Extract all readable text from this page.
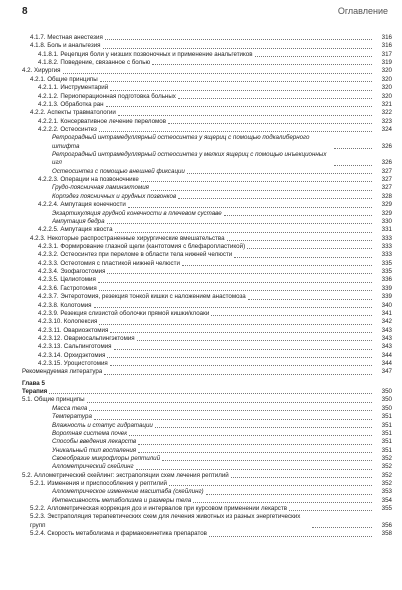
8	Оглавление
4.1.7. Местная анестезия	316
4.1.8. Боль и анальгезия	316
4.1.8.1. Рецепция боли у низших позвоночных и применение анальгетиков	317
4.1.8.2. Поведение, связанное с болью	319
4.2. Хирургия	320
4.2.1. Общие принципы	320
4.2.1.1. Инструментарий	320
4.2.1.2. Периоперационная подготовка больных	320
4.2.1.3. Обработка ран	321
4.2.2. Аспекты травматологии	322
4.2.2.1. Консервативное лечение переломов	323
4.2.2.2. Остеосинтез	324
Ретроградный интрамедуллярный остеосинтез у ящериц с помощью подкалиберного штифта	326
Ретроградный интрамедуллярный остеосинтез у мелких ящериц с помощью инъекционных игл	326
Остеосинтез с помощью внешней фиксации	327
4.2.2.3. Операции на позвоночнике	327
Грудо-поясничная ламинэктомия	327
Корпэдез поясничных и грудных позвонков	328
4.2.2.4. Ампутация конечности	329
Экзартикуляция грудной конечности в плечевом суставе	329
Ампутация бедра	330
4.2.2.5. Ампутация хвоста	331
4.2.3. Некоторые распространенные хирургические вмешательства	333
4.2.3.1. Формирование глазной щели (кантотомия с блефаропластикой)	333
4.2.3.2. Остеосинтез при переломе в области тела нижней челюсти	333
4.2.3.3. Остеотомия с пластикой нижней челюсти	335
4.2.3.4. Эзофагостомия	335
4.2.3.5. Целиотомия	336
4.2.3.6. Гастротомия	339
4.2.3.7. Энтеротомия, резекция тонкой кишки с наложением анастомоза	339
4.2.3.8. Колотомия	340
4.2.3.9. Резекция слизистой оболочки прямой кишки/клоаки	341
4.2.3.10. Колопексия	342
4.2.3.11. Овариоэктомия	343
4.2.3.12. Овариосальпингэктомия	343
4.2.3.13. Сальпинготомия	343
4.2.3.14. Орхидэктомия	344
4.2.3.15. Уроцистотомия	344
Рекомендуемая литература	347
Глава 5
Терапия	350
5.1. Общие принципы	350
Масса тела	350
Температура	351
Влажность и статус гидратации	351
Воротная система почек	351
Способы введения лекарств	351
Уникальный тип воспаления	351
Своеобразие микрофлоры рептилий	352
Аллометрический скейлинг	352
5.2. Аллометрический скейлинг: экстраполяции схем лечения рептилий	352
5.2.1. Изменения и приспособления у рептилий	352
Аллометрическое изменение масштаба (скейлинг)	353
Интенсивность метаболизма и размеры тела	354
5.2.2. Аллометрическая коррекция доз и интервалов при курсовом применении лекарств	355
5.2.3. Экстраполяция терапевтических схем для лечения животных из разных энергетических групп	356
5.2.4. Скорость метаболизма и фармакокинетика препаратов	358
